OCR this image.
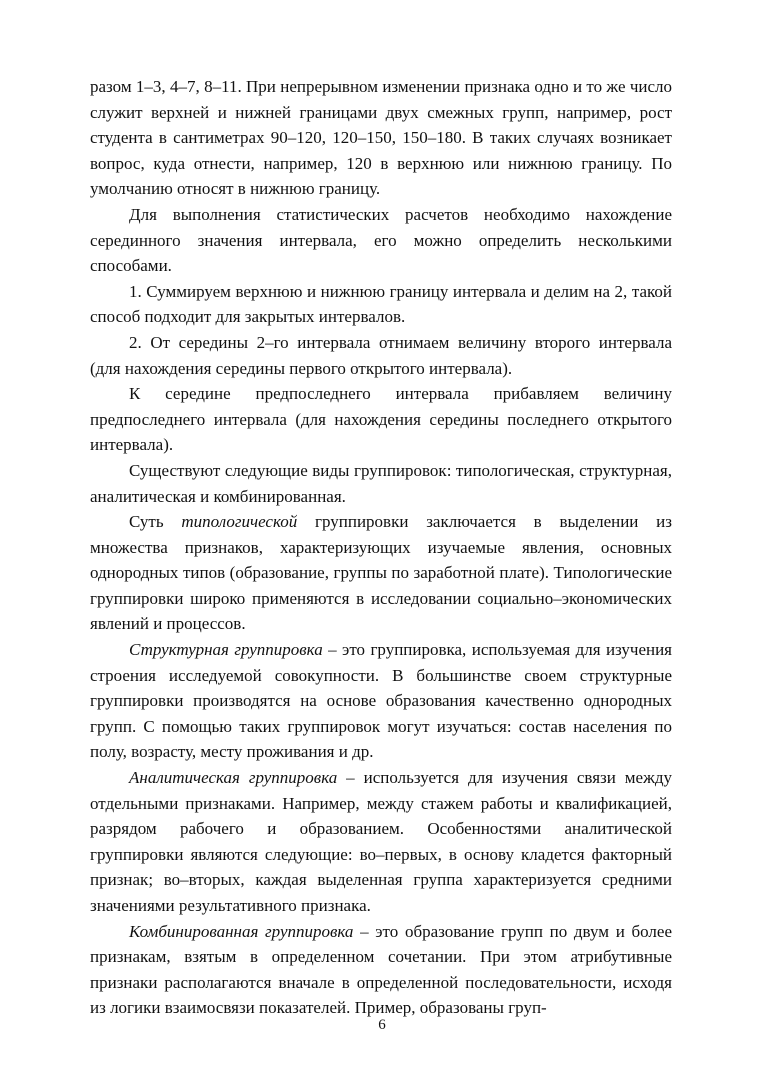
разом 1–3, 4–7, 8–11. При непрерывном изменении признака одно и то же число служит верхней и нижней границами двух смежных групп, например, рост студента в сантиметрах 90–120, 120–150, 150–180. В таких случаях возникает вопрос, куда отнести, например, 120 в верхнюю или нижнюю границу. По умолчанию относят в нижнюю границу.

Для выполнения статистических расчетов необходимо нахождение серединного значения интервала, его можно определить несколькими способами.

1. Суммируем верхнюю и нижнюю границу интервала и делим на 2, такой способ подходит для закрытых интервалов.

2. От середины 2–го интервала отнимаем величину второго интервала (для нахождения середины первого открытого интервала).

К середине предпоследнего интервала прибавляем величину предпоследнего интервала (для нахождения середины последнего открытого интервала).

Существуют следующие виды группировок: типологическая, структурная, аналитическая и комбинированная.

Суть типологической группировки заключается в выделении из множества признаков, характеризующих изучаемые явления, основных однородных типов (образование, группы по заработной плате). Типологические группировки широко применяются в исследовании социально–экономических явлений и процессов.

Структурная группировка – это группировка, используемая для изучения строения исследуемой совокупности. В большинстве своем структурные группировки производятся на основе образования качественно однородных групп. С помощью таких группировок могут изучаться: состав населения по полу, возрасту, месту проживания и др.

Аналитическая группировка – используется для изучения связи между отдельными признаками. Например, между стажем работы и квалификацией, разрядом рабочего и образованием. Особенностями аналитической группировки являются следующие: во–первых, в основу кладется факторный признак; во–вторых, каждая выделенная группа характеризуется средними значениями результативного признака.

Комбинированная группировка – это образование групп по двум и более признакам, взятым в определенном сочетании. При этом атрибутивные признаки располагаются вначале в определенной последовательности, исходя из логики взаимосвязи показателей. Пример, образованы груп-

6
